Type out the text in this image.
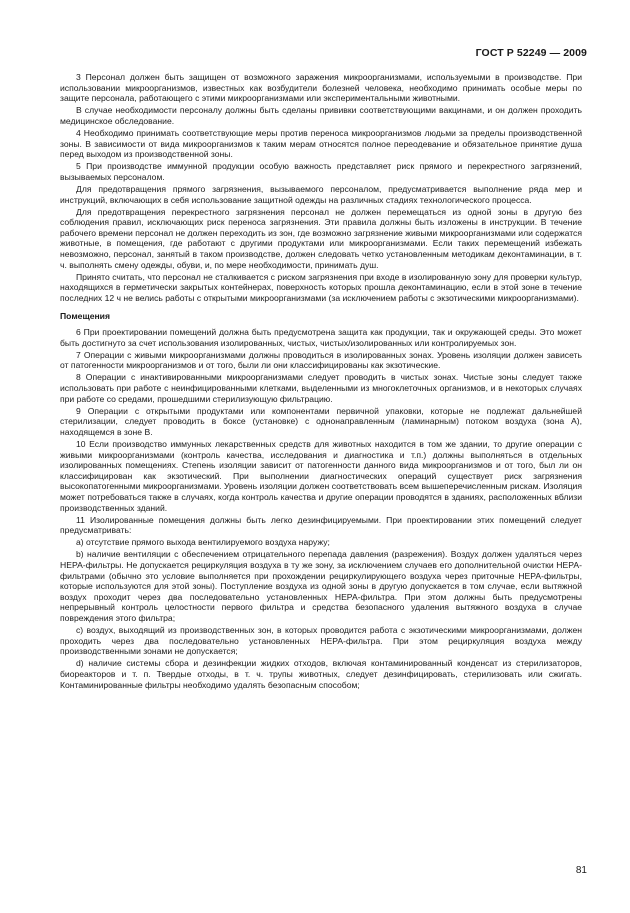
ГОСТ Р 52249 — 2009

3 Персонал должен быть защищен от возможного заражения микроорганизмами, используемыми в производстве. При использовании микроорганизмов, известных как возбудители болезней человека, необходимо принимать особые меры по защите персонала, работающего с этими микроорганизмами или экспериментальными животными.

В случае необходимости персоналу должны быть сделаны прививки соответствующими вакцинами, и он должен проходить медицинское обследование.

4 Необходимо принимать соответствующие меры против переноса микроорганизмов людьми за пределы производственной зоны. В зависимости от вида микроорганизмов к таким мерам относятся полное переодевание и обязательное принятие душа перед выходом из производственной зоны.

5 При производстве иммунной продукции особую важность представляет риск прямого и перекрестного загрязнений, вызываемых персоналом.

Для предотвращения прямого загрязнения, вызываемого персоналом, предусматривается выполнение ряда мер и инструкций, включающих в себя использование защитной одежды на различных стадиях технологического процесса.

Для предотвращения перекрестного загрязнения персонал не должен перемещаться из одной зоны в другую без соблюдения правил, исключающих риск переноса загрязнения. Эти правила должны быть изложены в инструкции. В течение рабочего времени персонал не должен переходить из зон, где возможно загрязнение живыми микроорганизмами или содержатся животные, в помещения, где работают с другими продуктами или микроорганизмами. Если таких перемещений избежать невозможно, персонал, занятый в таком производстве, должен следовать четко установленным методикам деконтаминации, в т. ч. выполнять смену одежды, обуви, и, по мере необходимости, принимать душ.

Принято считать, что персонал не сталкивается с риском загрязнения при входе в изолированную зону для проверки культур, находящихся в герметически закрытых контейнерах, поверхность которых прошла деконтаминацию, если в этой зоне в течение последних 12 ч не велись работы с открытыми микроорганизмами (за исключением работы с экзотическими микроорганизмами).

Помещения

6 При проектировании помещений должна быть предусмотрена защита как продукции, так и окружающей среды. Это может быть достигнуто за счет использования изолированных, чистых, чистых/изолированных или контролируемых зон.

7 Операции с живыми микроорганизмами должны проводиться в изолированных зонах. Уровень изоляции должен зависеть от патогенности микроорганизмов и от того, были ли они классифицированы как экзотические.

8 Операции с инактивированными микроорганизмами следует проводить в чистых зонах. Чистые зоны следует также использовать при работе с неинфицированными клетками, выделенными из многоклеточных организмов, и в некоторых случаях при работе со средами, прошедшими стерилизующую фильтрацию.

9 Операции с открытыми продуктами или компонентами первичной упаковки, которые не подлежат дальнейшей стерилизации, следует проводить в боксе (установке) с однонаправленным (ламинарным) потоком воздуха (зона А), находящемся в зоне В.

10 Если производство иммунных лекарственных средств для животных находится в том же здании, то другие операции с живыми микроорганизмами (контроль качества, исследования и диагностика и т.п.) должны выполняться в отдельных изолированных помещениях. Степень изоляции зависит от патогенности данного вида микроорганизмов и от того, был ли он классифицирован как экзотический. При выполнении диагностических операций существует риск загрязнения высокопатогенными микроорганизмами. Уровень изоляции должен соответствовать всем вышеперечисленным рискам. Изоляция может потребоваться также в случаях, когда контроль качества и другие операции проводятся в зданиях, расположенных вблизи производственных зданий.

11 Изолированные помещения должны быть легко дезинфицируемыми. При проектировании этих помещений следует предусматривать:

a) отсутствие прямого выхода вентилируемого воздуха наружу;

b) наличие вентиляции с обеспечением отрицательного перепада давления (разрежения). Воздух должен удаляться через НЕРА-фильтры. Не допускается рециркуляция воздуха в ту же зону, за исключением случаев его дополнительной очистки НЕРА-фильтрами (обычно это условие выполняется при прохождении рециркулирующего воздуха через приточные НЕРА-фильтры, которые используются для этой зоны). Поступление воздуха из одной зоны в другую допускается в том случае, если вытяжной воздух проходит через два последовательно установленных НЕРА-фильтра. При этом должны быть предусмотрены непрерывный контроль целостности первого фильтра и средства безопасного удаления вытяжного воздуха в случае повреждения этого фильтра;

c) воздух, выходящий из производственных зон, в которых проводится работа с экзотическими микроорганизмами, должен проходить через два последовательно установленных НЕРА-фильтра. При этом рециркуляция воздуха между производственными зонами не допускается;

d) наличие системы сбора и дезинфекции жидких отходов, включая контаминированный конденсат из стерилизаторов, биореакторов и т. п. Твердые отходы, в т. ч. трупы животных, следует дезинфицировать, стерилизовать или сжигать. Контаминированные фильтры необходимо удалять безопасным способом;

81
